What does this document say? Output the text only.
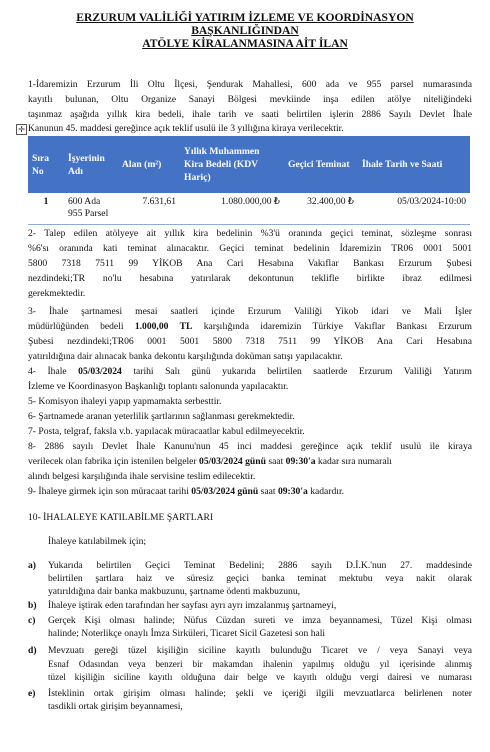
ERZURUM VALİLİĞİ YATIRIM İZLEME VE KOORDİNASYON
BAŞKANLIĞINDAN
ATÖLYE KİRALANMASINA AİT İLAN
1-İdaremizin Erzurum İli Oltu İlçesi, Şendurak Mahallesi, 600 ada ve 955 parsel numarasında
kayıtlı bulunan, Oltu Organize Sanayi Bölgesi mevkiinde inşa edilen atölye niteliğindeki
taşınmaz aşağıda yıllık kira bedeli, ihale tarih ve saati belirtilen işlerin 2886 Sayılı Devlet İhale
✛ Kanunun 45. maddesi gereğince açık teklif usulü ile 3 yıllığına kiraya verilecektir.
Sıra No	İşyerinin Adı	Alan (m²)	Yıllık Muhammen Kira Bedeli (KDV Hariç)	Geçici Teminat	İhale Tarih ve Saati
1	600 Ada 955 Parsel	7.631,61	1.080.000,00 ₺	32.400,00 ₺	05/03/2024-10:00
2- Talep edilen atölyeye ait yıllık kira bedelinin %3'ü oranında geçici teminat, sözleşme sonrası
%6'sı oranında kati teminat alınacaktır. Geçici teminat bedelinin İdaremizin TR06 0001 5001
5800 7318 7511 99 YİKOB Ana Cari Hesabına Vakıflar Bankası Erzurum Şubesi
nezdindeki;TR no'lu hesabına yatırılarak dekontunun teklifle birlikte ibraz edilmesi
gerekmektedir.
3- İhale şartnamesi mesai saatleri içinde Erzurum Valiliği Yikob idari ve Mali İşler
müdürlüğünden bedeli 1.000,00 TL karşılığında idaremizin Türkiye Vakıflar Bankası Erzurum
Şubesi nezdindeki;TR06 0001 5001 5800 7318 7511 99 YİKOB Ana Cari Hesabına
yatırıldığına dair alınacak banka dekontu karşılığında doküman satışı yapılacaktır.
4- İhale 05/03/2024 tarihi Salı günü yukarıda belirtilen saatlerde Erzurum Valiliği Yatırım
İzleme ve Koordinasyon Başkanlığı toplantı salonunda yapılacaktır.
5- Komisyon ihaleyi yapıp yapmamakta serbesttir.
6- Şartnamede aranan yeterlilik şartlarının sağlanması gerekmektedir.
7- Posta, telgraf, faksla v.b. yapılacak müracaatlar kabul edilmeyecektir.
8- 2886 sayılı Devlet İhale Kanunu'nun 45 inci maddesi gereğince açık teklif usulü ile kiraya
verilecek olan fabrika için istenilen belgeler 05/03/2024 günü saat 09:30'a kadar sıra numaralı
alındı belgesi karşılığında ihale servisine teslim edilecektir.
9- İhaleye girmek için son müracaat tarihi 05/03/2024 günü saat 09:30'a kadardır.
10- İHALALEYE KATILABİLME ŞARTLARI
İhaleye katılabilmek için;
a)	Yukarıda belirtilen Geçici Teminat Bedelini; 2886 sayılı D.İ.K.'nun 27. maddesinde
belirtilen şartlara haiz ve süresiz geçici banka teminat mektubu veya nakit olarak
yatırıldığına dair banka makbuzunu, şartname ödenti makbuzunu,
b)	İhaleye iştirak eden tarafından her sayfası ayrı ayrı imzalanmış şartnameyi,
c)	Gerçek Kişi olması halinde; Nüfus Cüzdan sureti ve imza beyannamesi, Tüzel Kişi olması
halinde; Noterlikçe onaylı İmza Sirküleri, Ticaret Sicil Gazetesi son hali
d)	Mevzuatı gereği tüzel kişiliğin siciline kayıtlı bulunduğu Ticaret ve / veya Sanayi veya
Esnaf Odasından veya benzeri bir makamdan ihalenin yapılmış olduğu yıl içerisinde alınmış
tüzel kişiliğin siciline kayıtlı olduğuna dair belge ve kayıtlı olduğu vergi dairesi ve numarası
e)	İsteklinin ortak girişim olması halinde; şekli ve içeriği ilgili mevzuatlarca belirlenen noter
tasdikli ortak girişim beyannamesi,
